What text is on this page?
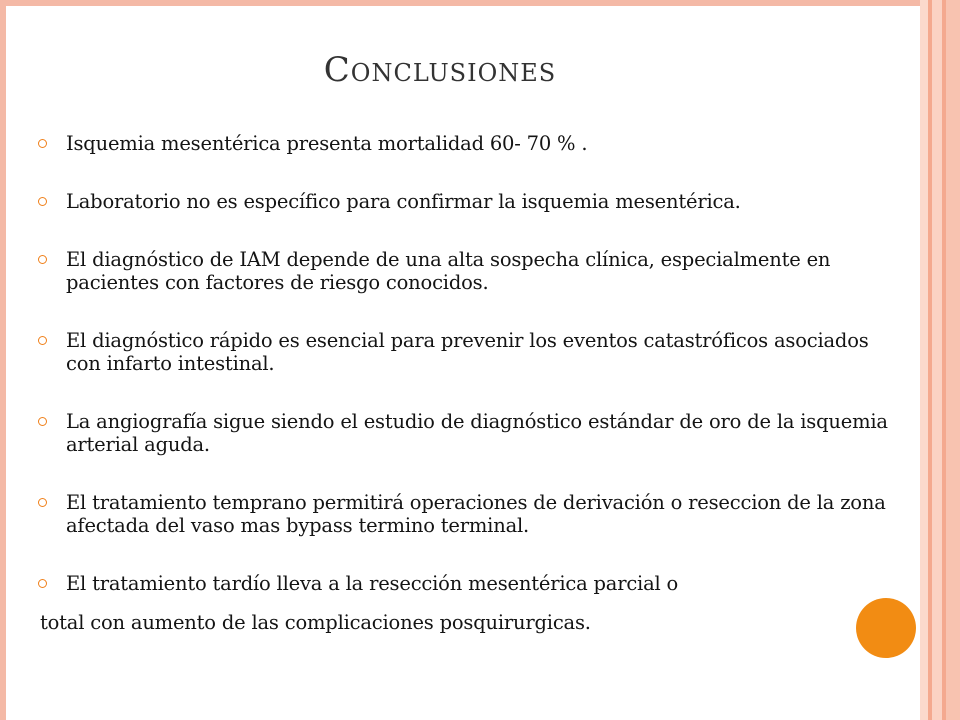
Conclusiones
Isquemia mesentérica presenta mortalidad 60- 70 % .
Laboratorio no es específico para confirmar la isquemia mesentérica.
El diagnóstico de IAM depende de una alta sospecha clínica, especialmente en pacientes con factores de riesgo conocidos.
El diagnóstico rápido es esencial para prevenir los eventos catastróficos asociados con infarto intestinal.
La angiografía sigue siendo el estudio de diagnóstico estándar de oro de la isquemia arterial aguda.
El tratamiento temprano permitirá operaciones de derivación o reseccion de la zona afectada del vaso mas bypass termino terminal.
El tratamiento tardío lleva a la resección mesentérica parcial o
total con aumento de las complicaciones posquirurgicas.
